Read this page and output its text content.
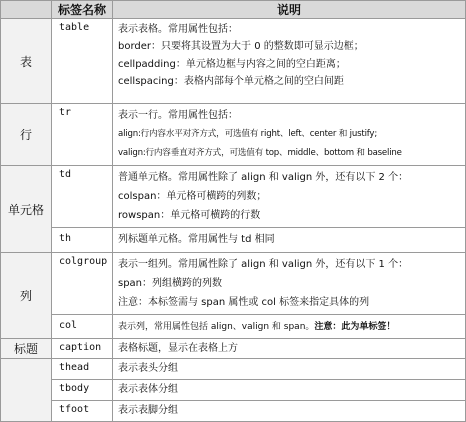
标签名称	说明
表
table	表示表格。常用属性包括：
border：只要将其设置为大于 0 的整数即可显示边框；
cellpadding：单元格边框与内容之间的空白距离；
cellspacing：表格内部每个单元格之间的空白间距
行
tr	表示一行。常用属性包括：
align:行内容水平对齐方式，可选值有 right、left、center 和 justify;
valign:行内容垂直对齐方式，可选值有 top、middle、bottom 和 baseline
单元格
td	普通单元格。常用属性除了 align 和 valign 外，还有以下 2 个：
colspan：单元格可横跨的列数；
rowspan：单元格可横跨的行数
th	列标题单元格。常用属性与 td 相同
列
colgroup	表示一组列。常用属性除了 align 和 valign 外，还有以下 1 个：
span：列组横跨的列数
注意：本标签需与 span 属性或 col 标签来指定具体的列
col	表示列，常用属性包括 align、valign 和 span。注意：此为单标签！
标题	caption	表格标题，显示在表格上方
thead	表示表头分组
tbody	表示表体分组
tfoot	表示表脚分组
